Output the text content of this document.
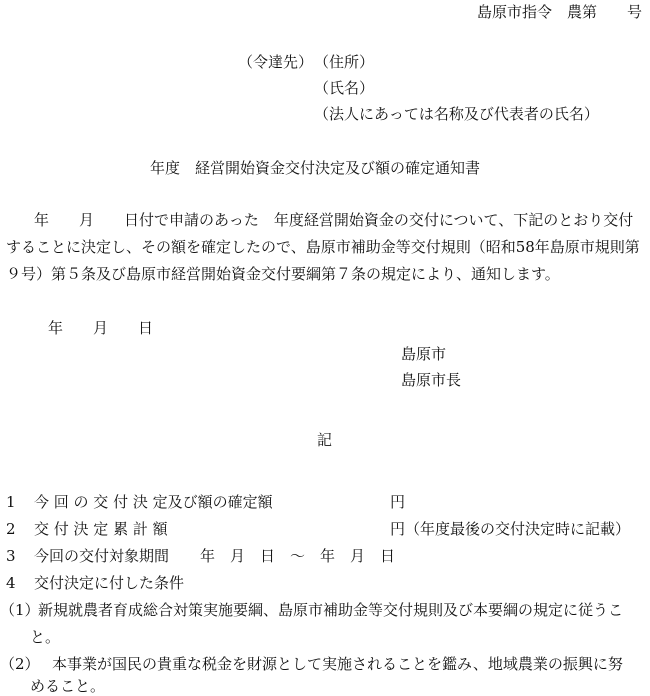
島原市指令　農第　　号
（令達先） （住所）
（氏名）
（法人にあっては名称及び代表者の氏名）
年度　経営開始資金交付決定及び額の確定通知書
年　　月　　日付で申請のあった　年度経営開始資金の交付について、下記のとおり交付
することに決定し、その額を確定したので、島原市補助金等交付規則（昭和58年島原市規則第
９号）第５条及び島原市経営開始資金交付要綱第７条の規定により、通知します。
年　　月　　日
島原市
島原市長
記
1 今 回 の 交 付 決 定及び額の確定額	円
2 交 付 決 定 累 計 額	円（年度最後の交付決定時に記載）
3 今回の交付対象期間 年　月　日　～　年　月　日
4 交付決定に付した条件
（1）
新規就農者育成総合対策実施要綱、島原市補助金等交付規則及び本要綱の規定に従うこ
と。
（2） 本事業が国民の貴重な税金を財源として実施されることを鑑み、地域農業の振興に努
めること。
